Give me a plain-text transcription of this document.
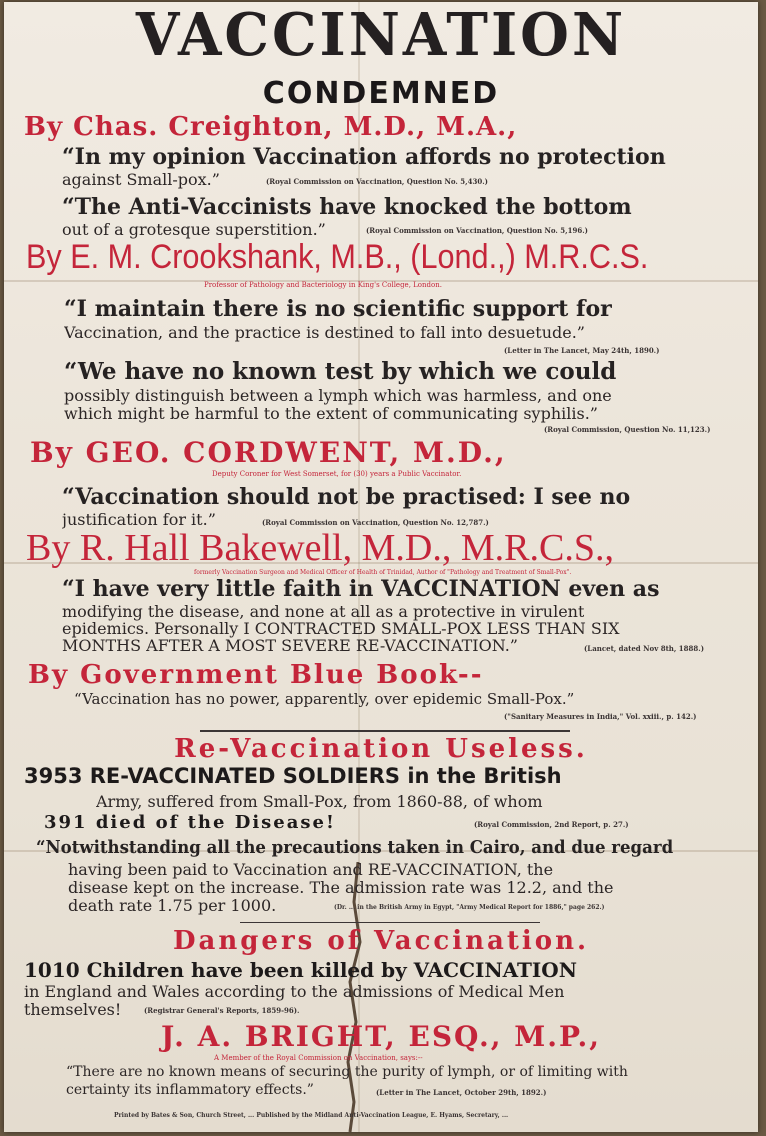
VACCINATION
CONDEMNED
By Chas. Creighton, M.D., M.A.,
“In my opinion Vaccination affords no protection
against Small-pox.”	(Royal Commission on Vaccination, Question No. 5,430.)
“The Anti-Vaccinists have knocked the bottom
out of a grotesque superstition.”	(Royal Commission on Vaccination, Question No. 5,196.)
By E. M. Crookshank, M.B., (Lond.,) M.R.C.S.
Professor of Pathology and Bacteriology in King's College, London.
“I maintain there is no scientific support for
Vaccination, and the practice is destined to fall into desuetude.”
(Letter in The Lancet, May 24th, 1890.)
“We have no known test by which we could
possibly distinguish between a lymph which was harmless, and one
which might be harmful to the extent of communicating syphilis.”
(Royal Commission, Question No. 11,123.)
By GEO. CORDWENT, M.D.,
Deputy Coroner for West Somerset, for (30) years a Public Vaccinator.
“Vaccination should not be practised: I see no
justification for it.”	(Royal Commission on Vaccination, Question No. 12,787.)
By R. Hall Bakewell, M.D., M.R.C.S.,
formerly Vaccination Surgeon and Medical Officer of Health of Trinidad, Author of "Pathology and Treatment of Small-Pox".
“I have very little faith in VACCINATION even as
modifying the disease, and none at all as a protective in virulent
epidemics. Personally I CONTRACTED SMALL-POX LESS THAN SIX
MONTHS AFTER A MOST SEVERE RE-VACCINATION.”	(Lancet, dated Nov 8th, 1888.)
By Government Blue Book--
“Vaccination has no power, apparently, over epidemic Small-Pox.”
("Sanitary Measures in India," Vol. xxiii., p. 142.)
Re-Vaccination Useless.
3953 RE-VACCINATED SOLDIERS in the British
Army, suffered from Small-Pox, from 1860-88, of whom
391 died of the Disease!	(Royal Commission, 2nd Report, p. 27.)
“Notwithstanding all the precautions taken in Cairo, and due regard
having been paid to Vaccination and RE-VACCINATION, the
disease kept on the increase. The admission rate was 12.2, and the
death rate 1.75 per 1000.	(Dr. ... in the British Army in Egypt, "Army Medical Report for 1886," page 262.)
Dangers of Vaccination.
1010 Children have been killed by VACCINATION
in England and Wales according to the admissions of Medical Men
themselves!	(Registrar General's Reports, 1859-96).
J. A. BRIGHT, ESQ., M.P.,
A Member of the Royal Commission on Vaccination, says:--
“There are no known means of securing the purity of lymph, or of limiting with
certainty its inflammatory effects.”	(Letter in The Lancet, October 29th, 1892.)
Printed by Bates & Son, Church Street, ... Published by the Midland Anti-Vaccination League, E. Hyams, Secretary, ...
